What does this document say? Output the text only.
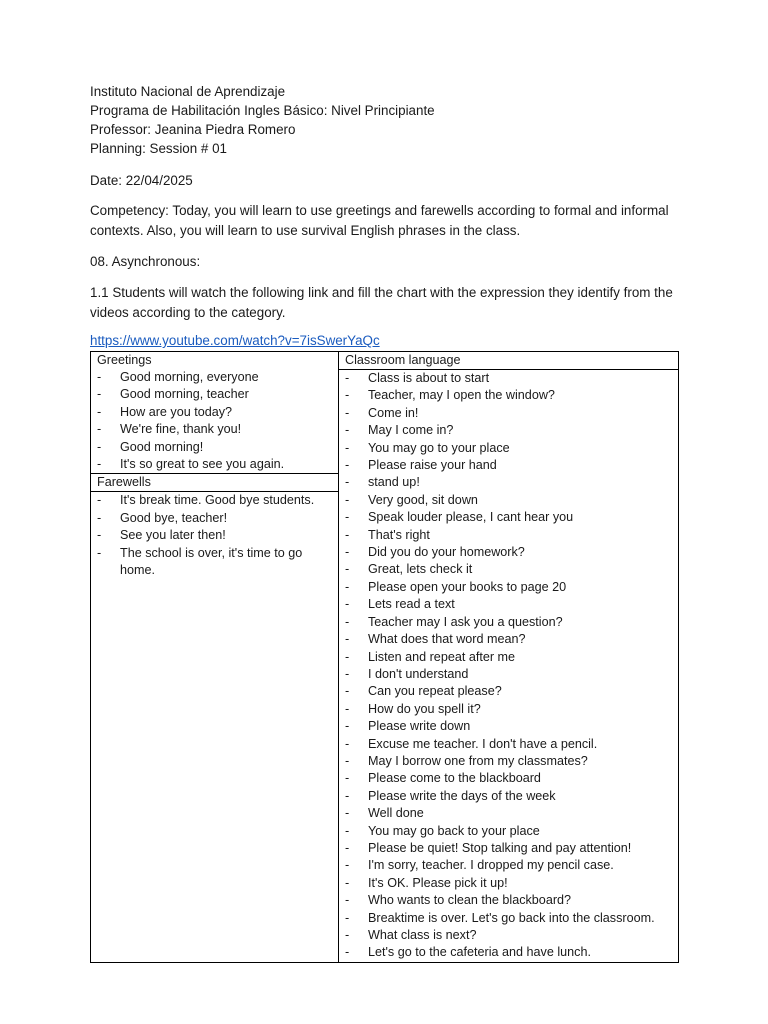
Instituto Nacional de Aprendizaje
Programa de Habilitación Ingles Básico: Nivel Principiante
Professor: Jeanina Piedra Romero
Planning: Session # 01
Date: 22/04/2025
Competency: Today, you will learn to use greetings and farewells according to formal and informal contexts. Also, you will learn to use survival English phrases in the class.
08. Asynchronous:
1.1 Students will watch the following link and fill the chart with the expression they identify from the videos according to the category.
https://www.youtube.com/watch?v=7isSwerYaQc
Greetings
-	Good morning, everyone
-	Good morning, teacher
-	How are you today?
-	We're fine, thank you!
-	Good morning!
-	It's so great to see you again.
Farewells
-	It's break time. Good bye students.
-	Good bye, teacher!
-	See you later then!
-	The school is over, it's time to go home.

Classroom language
-	Class is about to start
-	Teacher, may I open the window?
-	Come in!
-	May I come in?
-	You may go to your place
-	Please raise your hand
-	stand up!
-	Very good, sit down
-	Speak louder please, I cant hear you
-	That's right
-	Did you do your homework?
-	Great, lets check it
-	Please open your books to page 20
-	Lets read a text
-	Teacher may I ask you a question?
-	What does that word mean?
-	Listen and repeat after me
-	I don't understand
-	Can you repeat please?
-	How do you spell it?
-	Please write down
-	Excuse me teacher. I don't have a pencil.
-	May I borrow one from my classmates?
-	Please come to the blackboard
-	Please write the days of the week
-	Well done
-	You may go back to your place
-	Please be quiet! Stop talking and pay attention!
-	I'm sorry, teacher. I dropped my pencil case.
-	It's OK. Please pick it up!
-	Who wants to clean the blackboard?
-	Breaktime is over. Let's go back into the classroom.
-	What class is next?
-	Let's go to the cafeteria and have lunch.
